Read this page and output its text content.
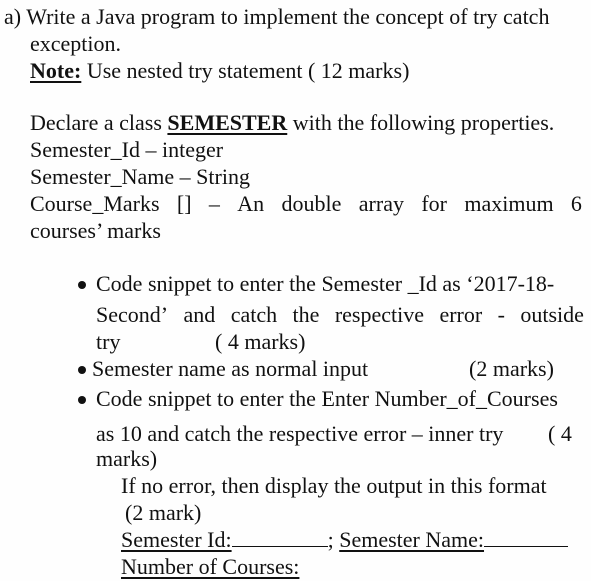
a) Write a Java program to implement the concept of try catch
exception.
Note: Use nested try statement ( 12 marks)
Declare a class SEMESTER with the following properties.
Semester_Id – integer
Semester_Name – String
Course_Marks [] – An double array for maximum 6
courses’ marks
Code snippet to enter the Semester _Id as ‘2017-18-
Second’ and catch the respective error - outside
try	( 4 marks)
Semester name as normal input	(2 marks)
Code snippet to enter the Enter Number_of_Courses
as 10 and catch the respective error – inner try ( 4
marks)
If no error, then display the output in this format
(2 mark)
Semester Id:	; Semester Name:
Number of Courses:
